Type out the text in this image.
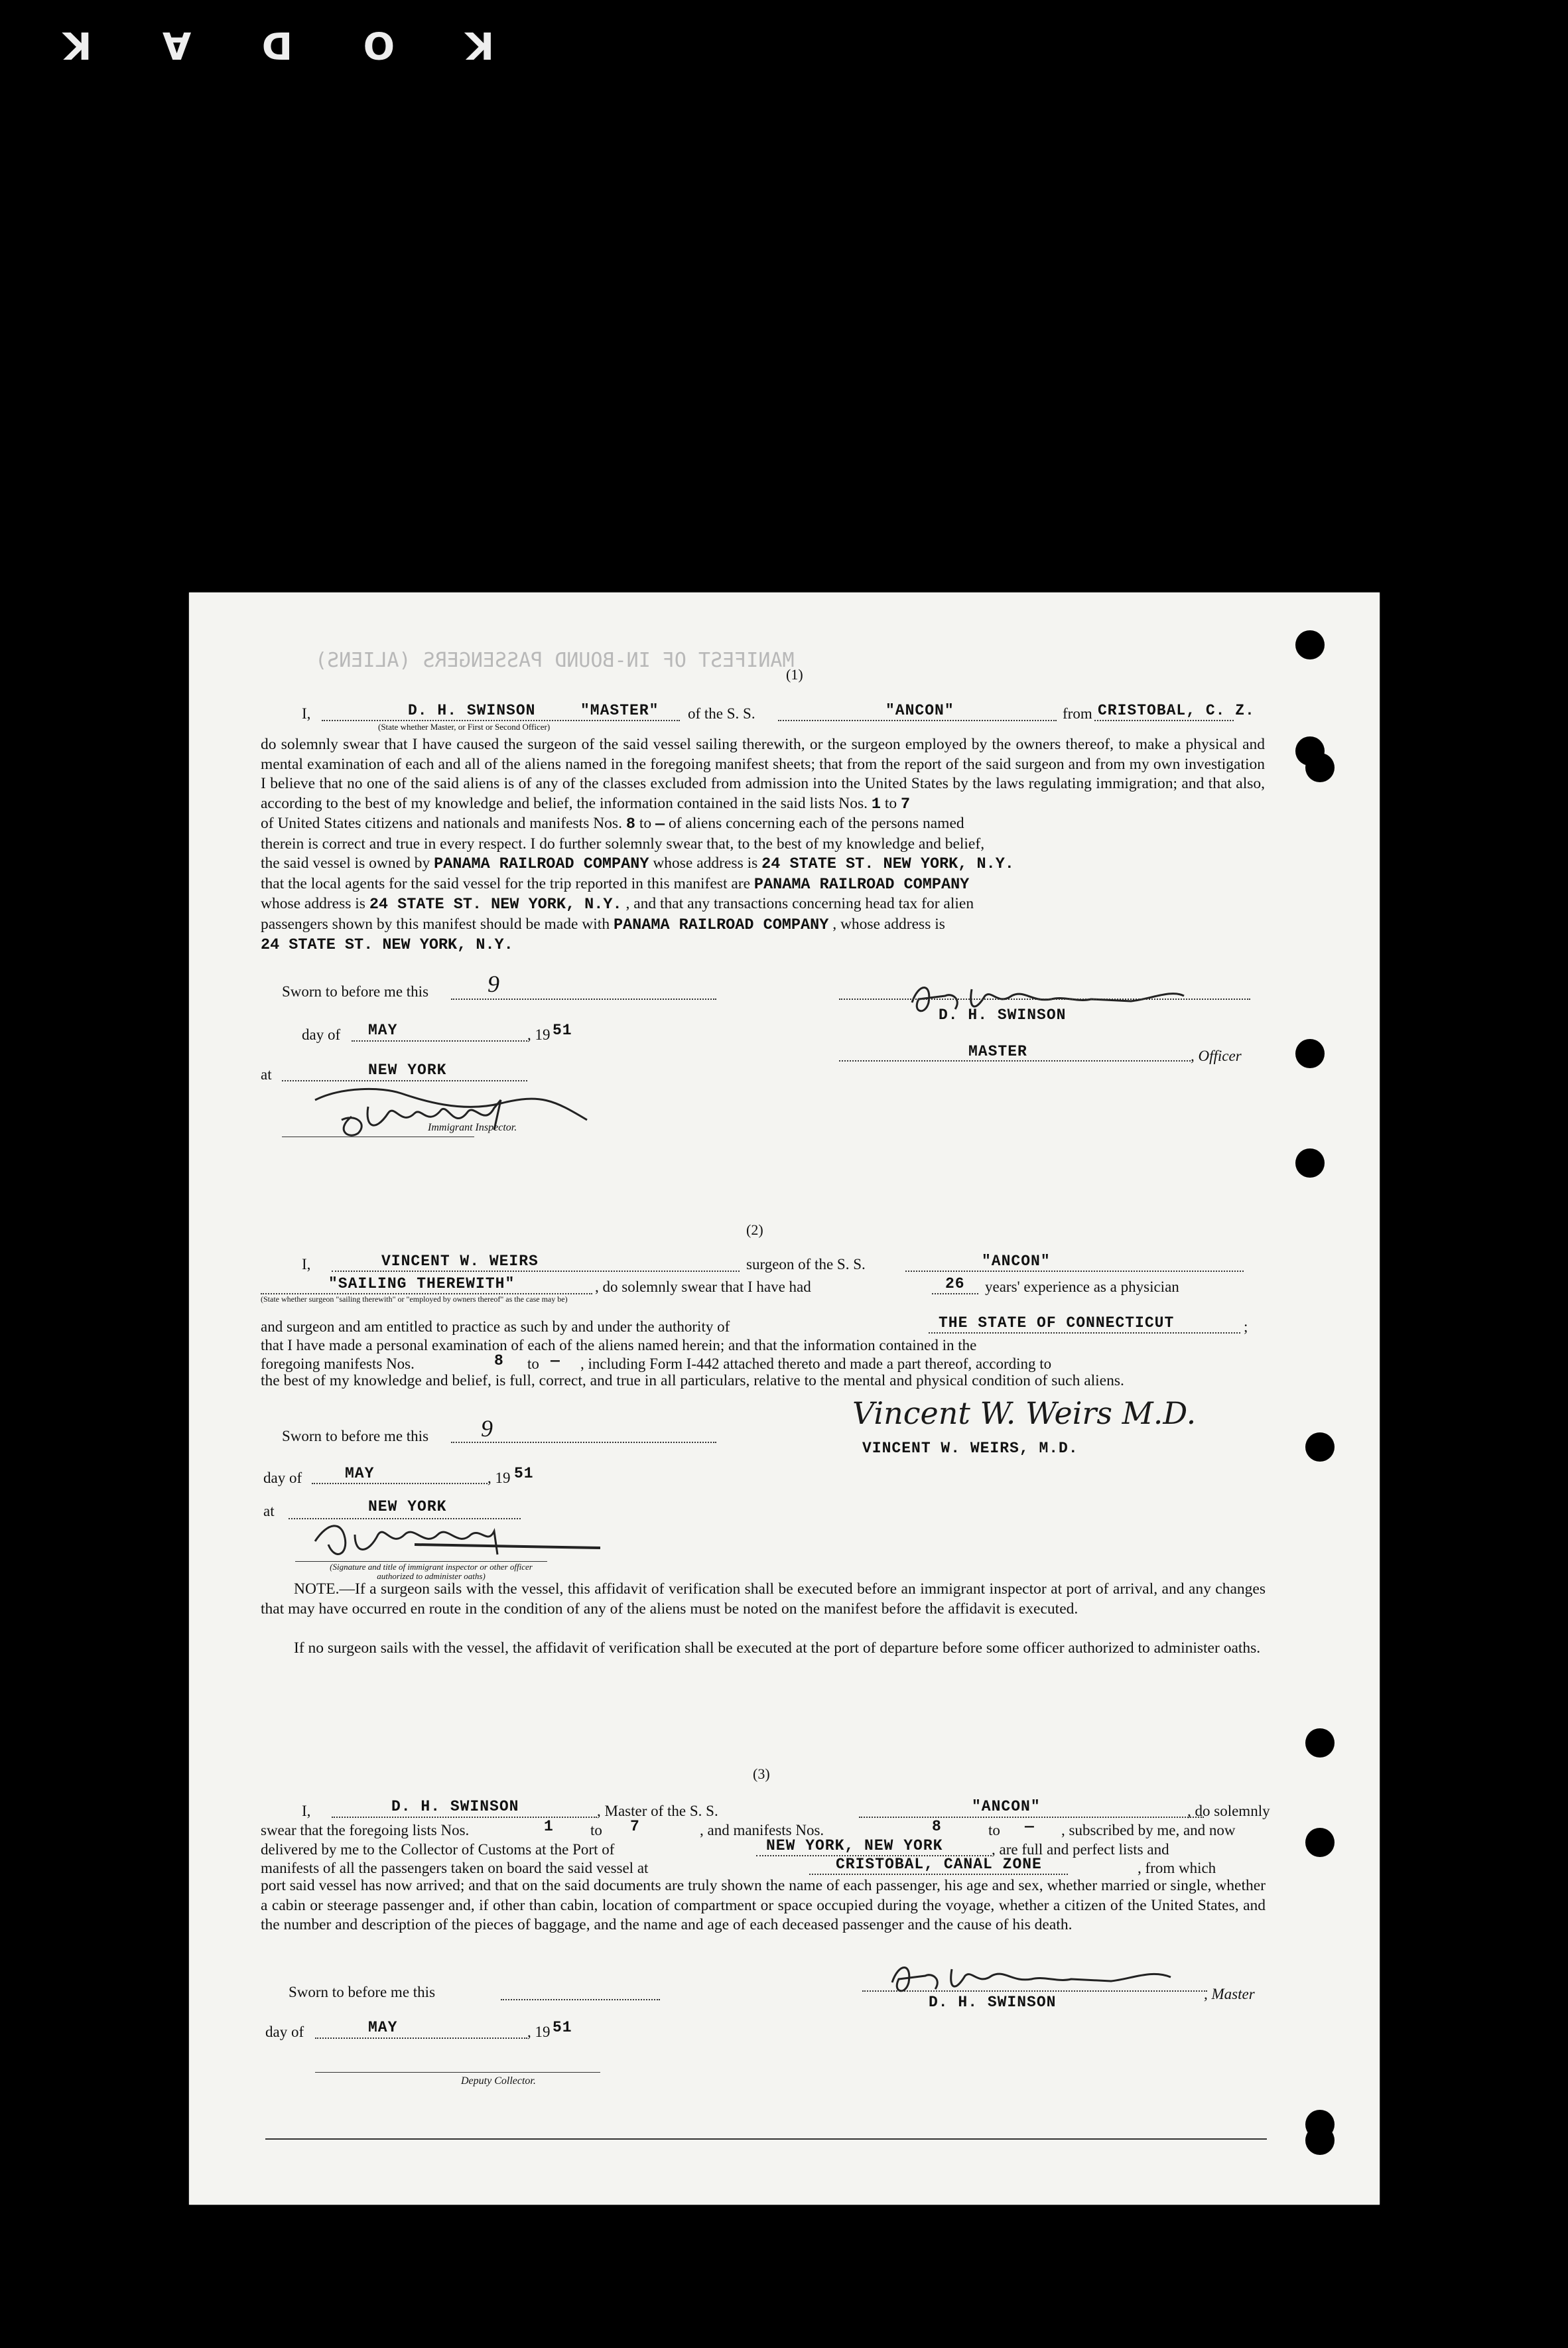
K
O
D
A
K
MANIFEST OF IN-BOUND PASSENGERS (ALIENS)
(1)
I,	D. H. SWINSON	"MASTER" of the S. S.	"ANCON"	from CRISTOBAL, C. Z.
(State whether Master, or First or Second Officer)
do solemnly swear that I have caused the surgeon of the said vessel sailing therewith, or the surgeon employed by the owners thereof, to make a physical and mental examination of each and all of the aliens named in the foregoing manifest sheets; that from the report of the said surgeon and from my own investigation I believe that no one of the said aliens is of any of the classes excluded from admission into the United States by the laws regulating immigration; and that also, according to the best of my knowledge and belief, the information contained in the said lists Nos. 1 to 7
of United States citizens and nationals and manifests Nos. 8 to — of aliens concerning each of the persons named
therein is correct and true in every respect. I do further solemnly swear that, to the best of my knowledge and belief,
the said vessel is owned by PANAMA RAILROAD COMPANY whose address is 24 STATE ST. NEW YORK, N.Y.
that the local agents for the said vessel for the trip reported in this manifest are PANAMA RAILROAD COMPANY
whose address is 24 STATE ST. NEW YORK, N.Y. , and that any transactions concerning head tax for alien
passengers shown by this manifest should be made with PANAMA RAILROAD COMPANY , whose address is
24 STATE ST. NEW YORK, N.Y.
Sworn to before me this 9
day of MAY	, 19 51
at	NEW YORK
Immigrant Inspector.
D. H. SWINSON
MASTER	, Officer
(2)
I,	VINCENT W. WEIRS	surgeon of the S. S.	"ANCON"
"SAILING THEREWITH"	, do solemnly swear that I have had	26 years' experience as a physician
(State whether surgeon "sailing therewith" or "employed by owners thereof" as the case may be)
and surgeon and am entitled to practice as such by and under the authority of	THE STATE OF CONNECTICUT	;
that I have made a personal examination of each of the aliens named herein; and that the information contained in the
foregoing manifests Nos.	8 to — , including Form I-442 attached thereto and made a part thereof, according to
the best of my knowledge and belief, is full, correct, and true in all particulars, relative to the mental and physical condition of such aliens.
Sworn to before me this 9
day of	MAY	, 19 51
at	NEW YORK
(Signature and title of immigrant inspector or other officer authorized to administer oaths)
Vincent W. Weirs M.D.
VINCENT W. WEIRS, M.D.
NOTE.—If a surgeon sails with the vessel, this affidavit of verification shall be executed before an immigrant inspector at port of arrival, and any changes that may have occurred en route in the condition of any of the aliens must be noted on the manifest before the affidavit is executed.
If no surgeon sails with the vessel, the affidavit of verification shall be executed at the port of departure before some officer authorized to administer oaths.
(3)
I,	D. H. SWINSON	, Master of the S. S.	"ANCON"	, do solemnly
swear that the foregoing lists Nos.	1 to 7	, and manifests Nos.	8	to — , subscribed by me, and now
delivered by me to the Collector of Customs at the Port of	NEW YORK, NEW YORK	, are full and perfect lists and
manifests of all the passengers taken on board the said vessel at	CRISTOBAL, CANAL ZONE	, from which
port said vessel has now arrived; and that on the said documents are truly shown the name of each passenger, his age and sex, whether married or single, whether a cabin or steerage passenger and, if other than cabin, location of compartment or space occupied during the voyage, whether a citizen of the United States, and the number and description of the pieces of baggage, and the name and age of each deceased passenger and the cause of his death.
Sworn to before me this
day of	MAY	, 19 51
Deputy Collector.
D. H. SWINSON	, Master
